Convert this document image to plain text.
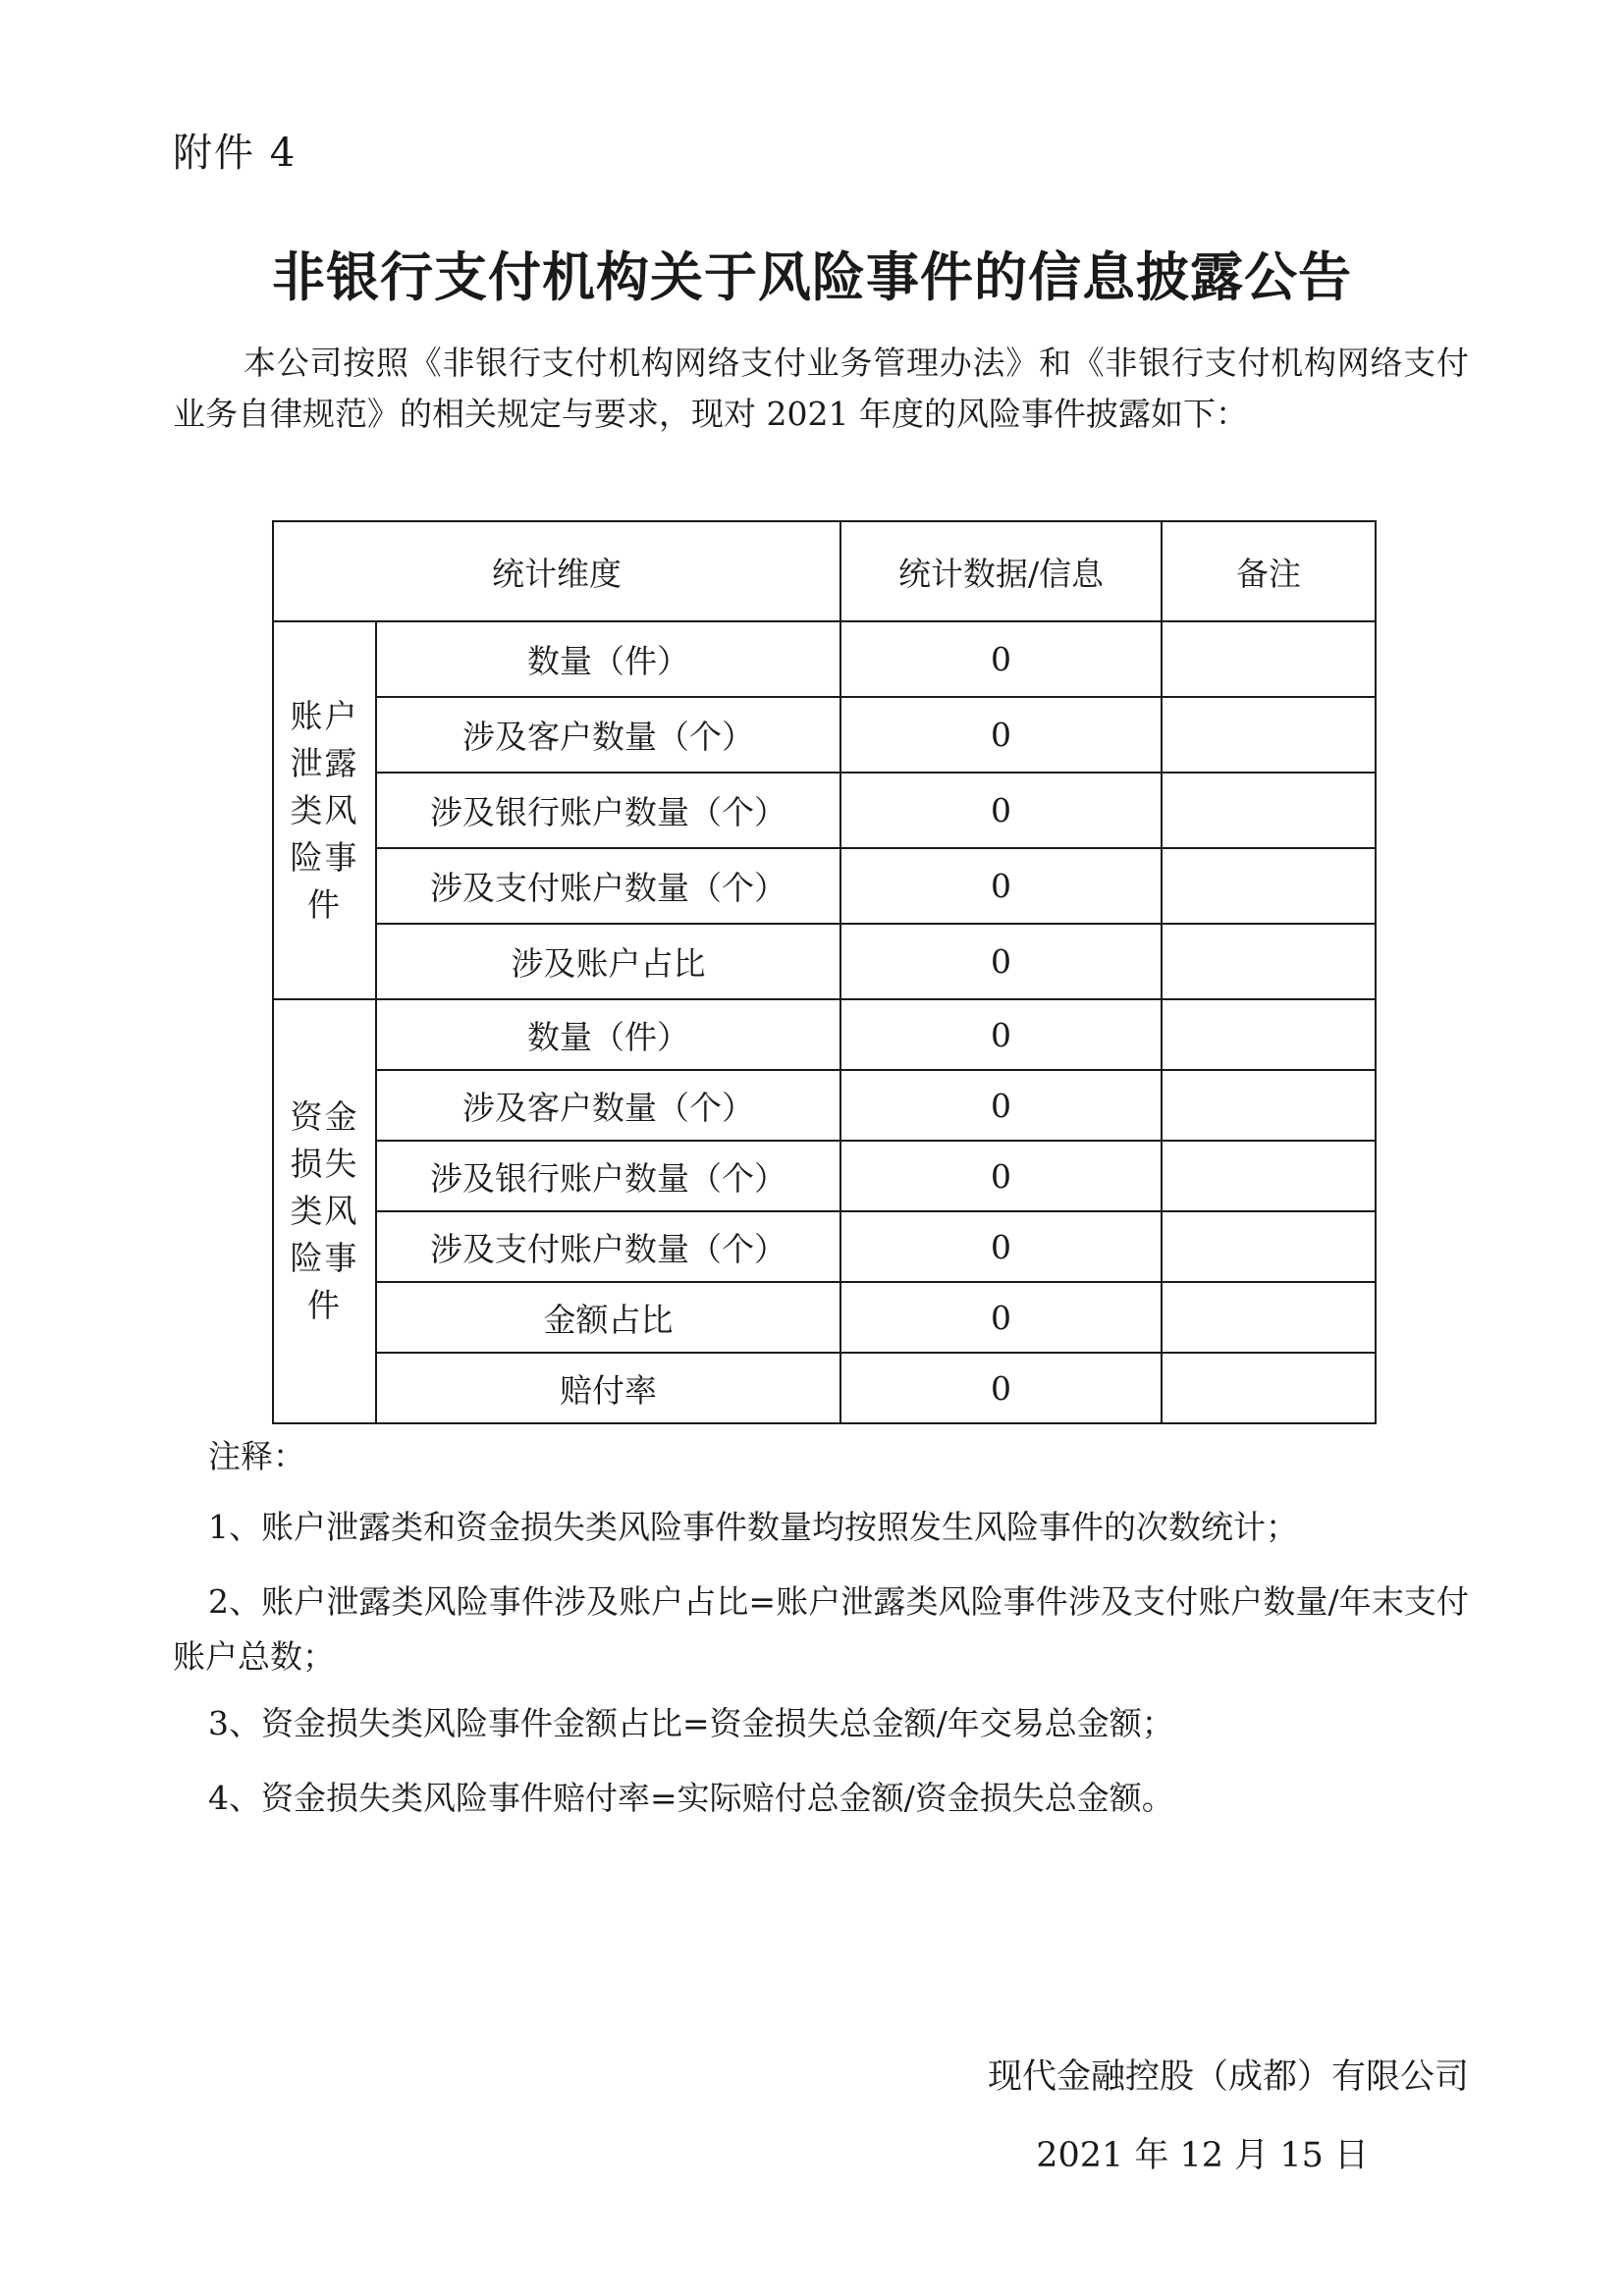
附件 4
非银行支付机构关于风险事件的信息披露公告

本公司按照《非银行支付机构网络支付业务管理办法》和《非银行支付机构网络支付业务自律规范》的相关规定与要求，现对 2021 年度的风险事件披露如下：

统计维度		统计数据/信息	备注
账户泄露类风险事件	数量（件）	0	
	涉及客户数量（个）	0	
	涉及银行账户数量（个）	0	
	涉及支付账户数量（个）	0	
	涉及账户占比	0	
资金损失类风险事件	数量（件）	0	
	涉及客户数量（个）	0	
	涉及银行账户数量（个）	0	
	涉及支付账户数量（个）	0	
	金额占比	0	
	赔付率	0	
注释：

1、账户泄露类和资金损失类风险事件数量均按照发生风险事件的次数统计；

2、账户泄露类风险事件涉及账户占比=账户泄露类风险事件涉及支付账户数量/年末支付账户总数；

3、资金损失类风险事件金额占比=资金损失总金额/年交易总金额；

4、资金损失类风险事件赔付率=实际赔付总金额/资金损失总金额。

现代金融控股（成都）有限公司
2021 年 12 月 15 日
